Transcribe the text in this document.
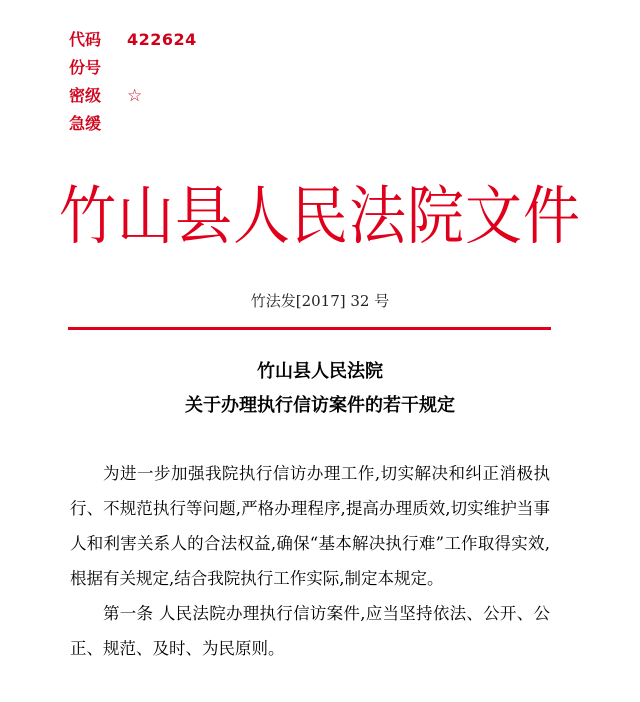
代码	422624
份号
密级	☆
急缓
竹山县人民法院文件
竹法发[2017] 32 号
竹山县人民法院
关于办理执行信访案件的若干规定

为进一步加强我院执行信访办理工作,切实解决和纠正消极执行、不规范执行等问题,严格办理程序,提高办理质效,切实维护当事人和利害关系人的合法权益,确保“基本解决执行难”工作取得实效,根据有关规定,结合我院执行工作实际,制定本规定。

第一条 人民法院办理执行信访案件,应当坚持依法、公开、公正、规范、及时、为民原则。
